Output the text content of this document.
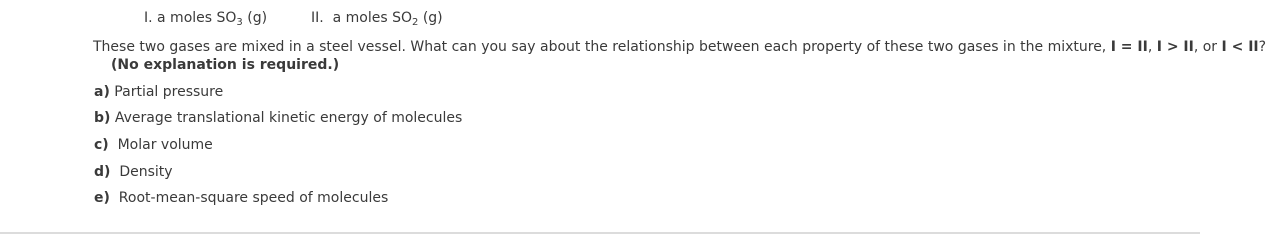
I. a moles $SO_3$ (g)	II.  a moles $SO_2$ (g)
These two gases are mixed in a steel vessel. What can you say about the relationship between each property of these two gases in the mixture, I = II, I > II, or I < II?
(No explanation is required.)
a) Partial pressure
b) Average translational kinetic energy of molecules
c)  Molar volume
d)  Density
e)  Root-mean-square speed of molecules
